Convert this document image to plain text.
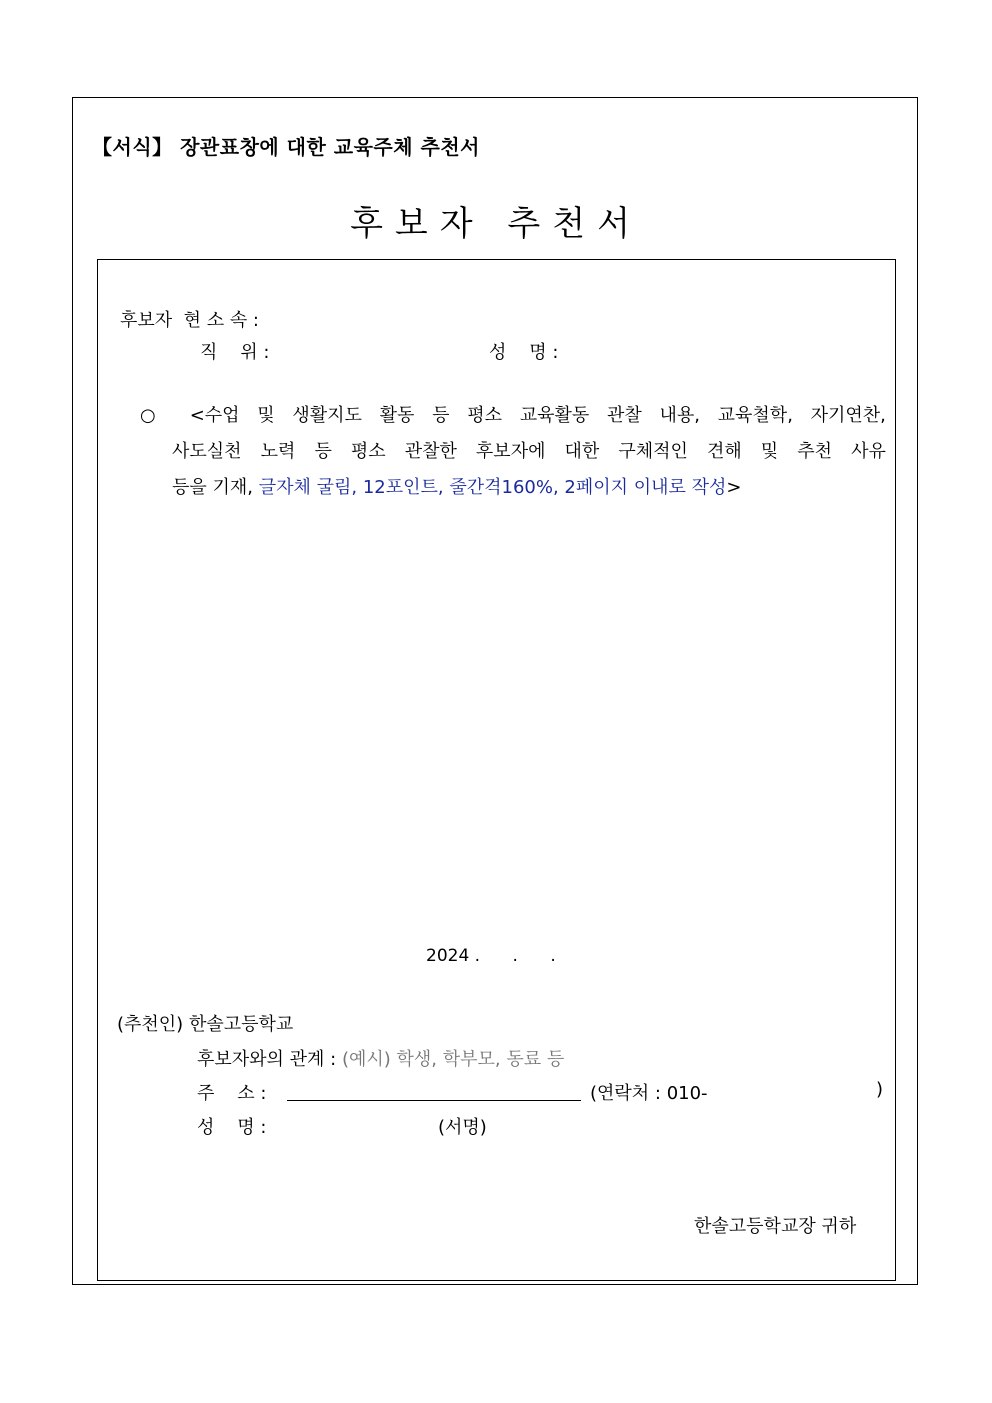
【서식】 장관표창에 대한 교육주체 추천서
후보자 추천서
후보자  현 소 속 :
직    위 :	성    명 :
○	<수업 및 생활지도 활동 등 평소 교육활동 관찰 내용, 교육철학, 자기연찬,
사도실천 노력 등 평소 관찰한 후보자에 대한 구체적인 견해 및 추천 사유
등을 기재, 글자체 굴림, 12포인트, 줄간격160%, 2페이지 이내로 작성>
2024 .      .      .
(추천인) 한솔고등학교
후보자와의 관계 : (예시) 학생, 학부모, 동료 등
주    소 :	(연락처 : 010-	)
성    명 :	(서명)
한솔고등학교장 귀하
